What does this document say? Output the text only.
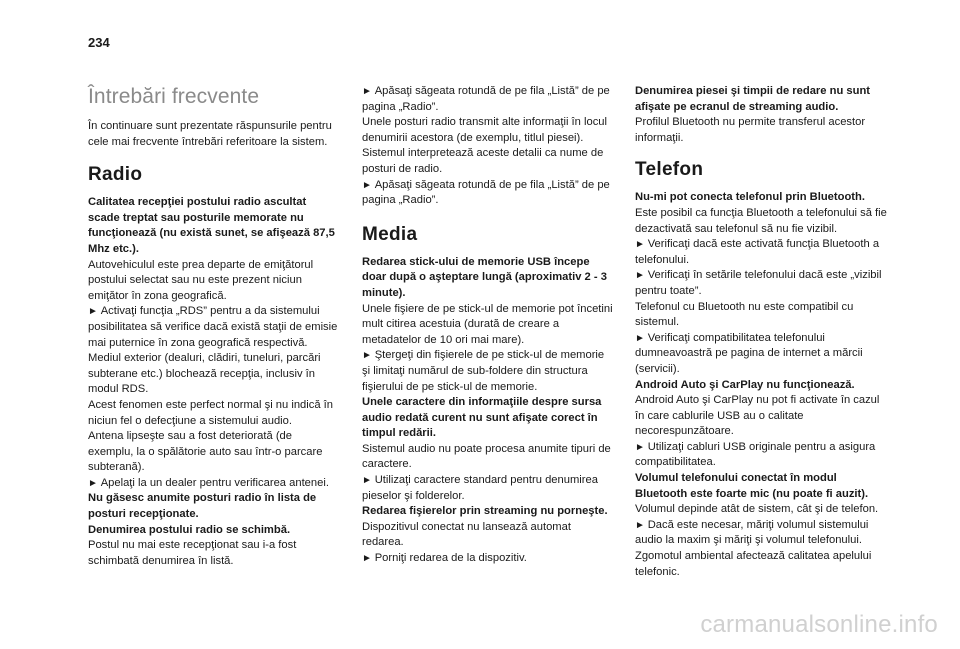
234
Întrebări frecvente

În continuare sunt prezentate răspunsurile pentru cele mai frecvente întrebări referitoare la sistem.

Radio

Calitatea recepţiei postului radio ascultat scade treptat sau posturile memorate nu funcţionează (nu există sunet, se afişează 87,5 Mhz etc.).

Autovehiculul este prea departe de emiţătorul postului selectat sau nu este prezent niciun emiţător în zona geografică.

► Activaţi funcţia „RDS” pentru a da sistemului posibilitatea să verifice dacă există staţii de emisie mai puternice în zona geografică respectivă.

Mediul exterior (dealuri, clădiri, tuneluri, parcări subterane etc.) blochează recepţia, inclusiv în modul RDS.

Acest fenomen este perfect normal şi nu indică în niciun fel o defecţiune a sistemului audio.

Antena lipseşte sau a fost deteriorată (de exemplu, la o spălătorie auto sau într-o parcare subterană).

► Apelaţi la un dealer pentru verificarea antenei.

Nu găsesc anumite posturi radio în lista de posturi recepţionate.

Denumirea postului radio se schimbă.

Postul nu mai este recepţionat sau i-a fost schimbată denumirea în listă.

► Apăsaţi săgeata rotundă de pe fila „Listă” de pe pagina „Radio”.

Unele posturi radio transmit alte informaţii în locul denumirii acestora (de exemplu, titlul piesei).

Sistemul interpretează aceste detalii ca nume de posturi de radio.

► Apăsaţi săgeata rotundă de pe fila „Listă” de pe pagina „Radio”.

Media

Redarea stick-ului de memorie USB începe doar după o aşteptare lungă (aproximativ 2 - 3 minute).

Unele fişiere de pe stick-ul de memorie pot încetini mult citirea acestuia (durată de creare a metadatelor de 10 ori mai mare).

► Ştergeţi din fişierele de pe stick-ul de memorie şi limitaţi numărul de sub-foldere din structura fişierului de pe stick-ul de memorie.

Unele caractere din informaţiile despre sursa audio redată curent nu sunt afişate corect în timpul redării.

Sistemul audio nu poate procesa anumite tipuri de caractere.

► Utilizaţi caractere standard pentru denumirea pieselor şi folderelor.

Redarea fişierelor prin streaming nu porneşte.

Dispozitivul conectat nu lansează automat redarea.

► Porniţi redarea de la dispozitiv.

Denumirea piesei şi timpii de redare nu sunt afişate pe ecranul de streaming audio.

Profilul Bluetooth nu permite transferul acestor informaţii.

Telefon

Nu-mi pot conecta telefonul prin Bluetooth.

Este posibil ca funcţia Bluetooth a telefonului să fie dezactivată sau telefonul să nu fie vizibil.

► Verificaţi dacă este activată funcţia Bluetooth a telefonului.

► Verificaţi în setările telefonului dacă este „vizibil pentru toate”.

Telefonul cu Bluetooth nu este compatibil cu sistemul.

► Verificaţi compatibilitatea telefonului dumneavoastră pe pagina de internet a mărcii (servicii).

Android Auto şi CarPlay nu funcţionează.

Android Auto şi CarPlay nu pot fi activate în cazul în care cablurile USB au o calitate necorespunzătoare.

► Utilizaţi cabluri USB originale pentru a asigura compatibilitatea.

Volumul telefonului conectat în modul Bluetooth este foarte mic (nu poate fi auzit).

Volumul depinde atât de sistem, cât şi de telefon.

► Dacă este necesar, măriţi volumul sistemului audio la maxim şi măriţi şi volumul telefonului.

Zgomotul ambiental afectează calitatea apelului telefonic.

carmanualsonline.info
